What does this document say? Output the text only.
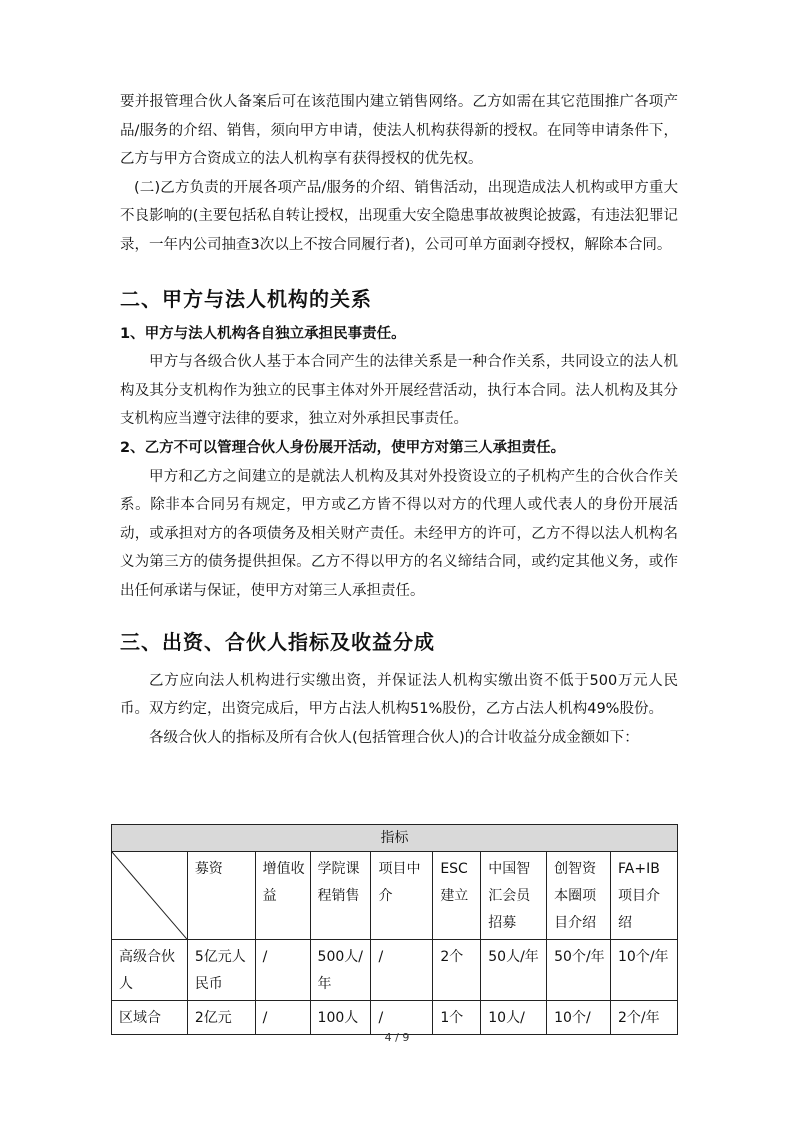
要并报管理合伙人备案后可在该范围内建立销售网络。乙方如需在其它范围推广各项产品/服务的介绍、销售，须向甲方申请，使法人机构获得新的授权。在同等申请条件下，乙方与甲方合资成立的法人机构享有获得授权的优先权。

(二)乙方负责的开展各项产品/服务的介绍、销售活动，出现造成法人机构或甲方重大不良影响的(主要包括私自转让授权，出现重大安全隐患事故被舆论披露，有违法犯罪记录，一年内公司抽查3次以上不按合同履行者)，公司可单方面剥夺授权，解除本合同。

二、甲方与法人机构的关系

1、甲方与法人机构各自独立承担民事责任。

甲方与各级合伙人基于本合同产生的法律关系是一种合作关系，共同设立的法人机构及其分支机构作为独立的民事主体对外开展经营活动，执行本合同。法人机构及其分支机构应当遵守法律的要求，独立对外承担民事责任。

2、乙方不可以管理合伙人身份展开活动，使甲方对第三人承担责任。

甲方和乙方之间建立的是就法人机构及其对外投资设立的子机构产生的合伙合作关系。除非本合同另有规定，甲方或乙方皆不得以对方的代理人或代表人的身份开展活动，或承担对方的各项债务及相关财产责任。未经甲方的许可，乙方不得以法人机构名义为第三方的债务提供担保。乙方不得以甲方的名义缔结合同，或约定其他义务，或作出任何承诺与保证，使甲方对第三人承担责任。

三、出资、合伙人指标及收益分成

乙方应向法人机构进行实缴出资，并保证法人机构实缴出资不低于500万元人民币。双方约定，出资完成后，甲方占法人机构51%股份，乙方占法人机构49%股份。

各级合伙人的指标及所有合伙人(包括管理合伙人)的合计收益分成金额如下：

指标								

	募资	增值收益	学院课程销售	项目中介	ESC建立	中国智汇会员招募	创智资本圈项目介绍	FA+IB项目介绍
高级合伙人	5亿元人民币	/	500人/年	/	2个	50人/年	50个/年	10个/年
区域合	2亿元	/	100人	/	1个	10人/	10个/	2个/年
4 / 9
